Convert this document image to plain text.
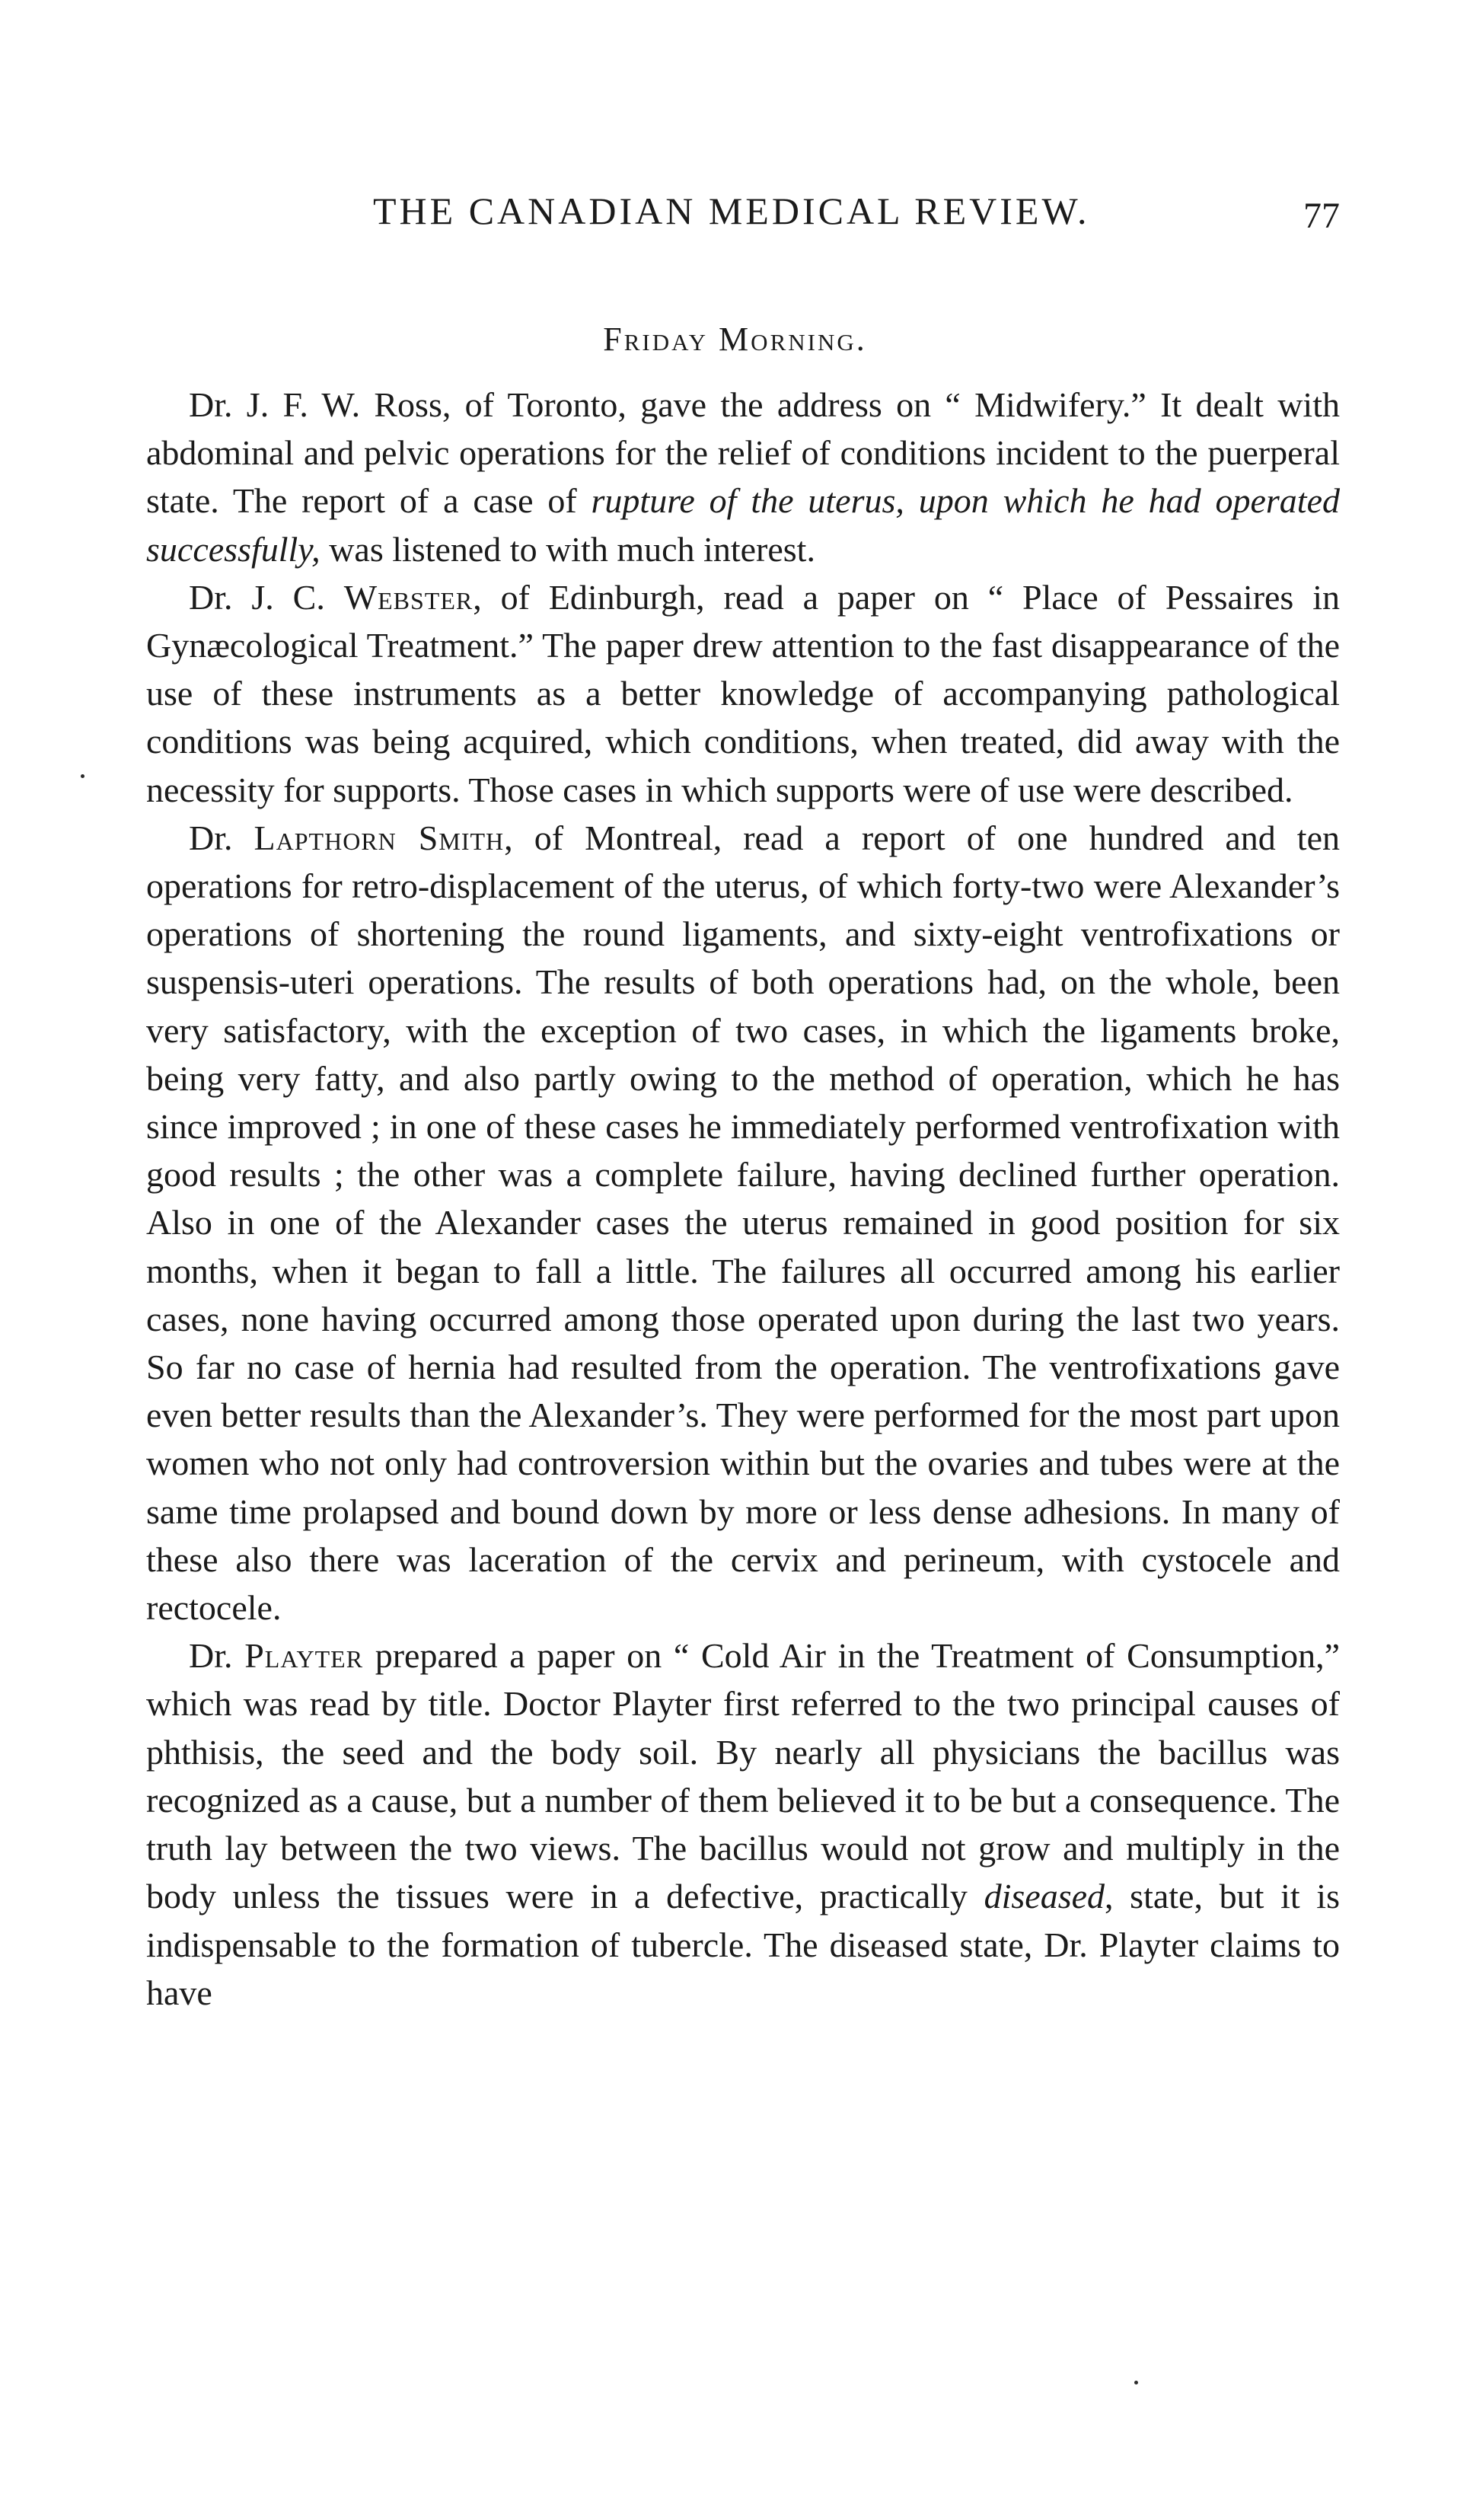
THE CANADIAN MEDICAL REVIEW.	77
Friday Morning.

Dr. J. F. W. Ross, of Toronto, gave the address on “ Midwifery.” It dealt with abdominal and pelvic operations for the relief of conditions incident to the puerperal state. The report of a case of rupture of the uterus, upon which he had operated successfully, was listened to with much interest.

Dr. J. C. Webster, of Edinburgh, read a paper on “ Place of Pessaires in Gynæcological Treatment.” The paper drew attention to the fast disappearance of the use of these instruments as a better knowledge of accompanying pathological conditions was being acquired, which conditions, when treated, did away with the necessity for supports. Those cases in which supports were of use were described.

Dr. Lapthorn Smith, of Montreal, read a report of one hundred and ten operations for retro-displacement of the uterus, of which forty-two were Alexander’s operations of shortening the round ligaments, and sixty-eight ventrofixations or suspensis-uteri operations. The results of both operations had, on the whole, been very satisfactory, with the exception of two cases, in which the ligaments broke, being very fatty, and also partly owing to the method of operation, which he has since improved ; in one of these cases he immediately performed ventrofixation with good results ; the other was a complete failure, having declined further operation. Also in one of the Alexander cases the uterus remained in good position for six months, when it began to fall a little. The failures all occurred among his earlier cases, none having occurred among those operated upon during the last two years. So far no case of hernia had resulted from the operation. The ventrofixations gave even better results than the Alexander’s. They were performed for the most part upon women who not only had controversion within but the ovaries and tubes were at the same time prolapsed and bound down by more or less dense adhesions. In many of these also there was laceration of the cervix and perineum, with cystocele and rectocele.

Dr. Playter prepared a paper on “ Cold Air in the Treatment of Consumption,” which was read by title. Doctor Playter first referred to the two principal causes of phthisis, the seed and the body soil. By nearly all physicians the bacillus was recognized as a cause, but a number of them believed it to be but a consequence. The truth lay between the two views. The bacillus would not grow and multiply in the body unless the tissues were in a defective, practically diseased, state, but it is indispensable to the formation of tubercle. The diseased state, Dr. Playter claims to have
